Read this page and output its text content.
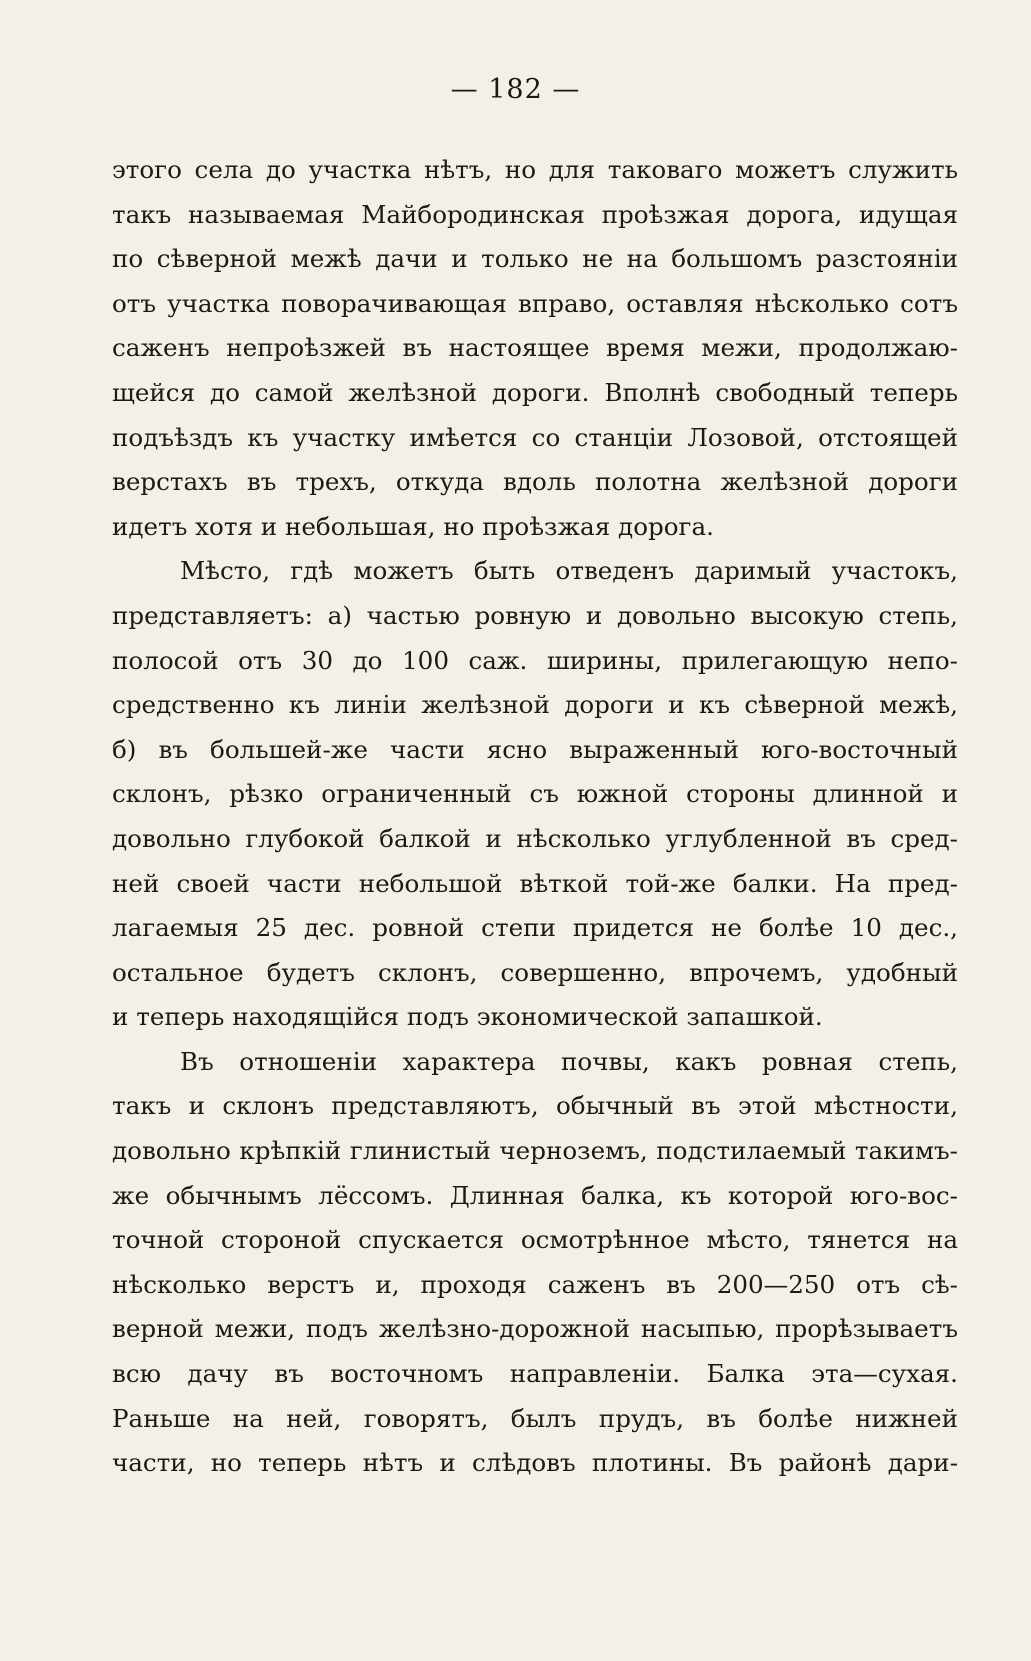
— 182 —
этого села до участка нѣтъ, но для таковаго можетъ служить
такъ называемая Майбородинская проѣзжая дорога, идущая
по сѣверной межѣ дачи и только не на большомъ разстояніи
отъ участка поворачивающая вправо, оставляя нѣсколько сотъ
саженъ непроѣзжей въ настоящее время межи, продолжаю-
щейся до самой желѣзной дороги. Вполнѣ свободный теперь
подъѣздъ къ участку имѣется со станціи Лозовой, отстоящей
верстахъ въ трехъ, откуда вдоль полотна желѣзной дороги
идетъ хотя и небольшая, но проѣзжая дорога.
Мѣсто, гдѣ можетъ быть отведенъ даримый участокъ,
представляетъ: а) частью ровную и довольно высокую степь,
полосой отъ 30 до 100 саж. ширины, прилегающую непо-
средственно къ линіи желѣзной дороги и къ сѣверной межѣ,
б) въ большей-же части ясно выраженный юго-восточный
склонъ, рѣзко ограниченный съ южной стороны длинной и
довольно глубокой балкой и нѣсколько углубленной въ сред-
ней своей части небольшой вѣткой той-же балки. На пред-
лагаемыя 25 дес. ровной степи придется не болѣе 10 дес.,
остальное будетъ склонъ, совершенно, впрочемъ, удобный
и теперь находящійся подъ экономической запашкой.
Въ отношеніи характера почвы, какъ ровная степь,
такъ и склонъ представляютъ, обычный въ этой мѣстности,
довольно крѣпкій глинистый черноземъ, подстилаемый такимъ-
же обычнымъ лёссомъ. Длинная балка, къ которой юго-вос-
точной стороной спускается осмотрѣнное мѣсто, тянется на
нѣсколько верстъ и, проходя саженъ въ 200—250 отъ сѣ-
верной межи, подъ желѣзно-дорожной насыпью, прорѣзываетъ
всю дачу въ восточномъ направленіи. Балка эта—сухая.
Раньше на ней, говорятъ, былъ прудъ, въ болѣе нижней
части, но теперь нѣтъ и слѣдовъ плотины. Въ районѣ дари-
